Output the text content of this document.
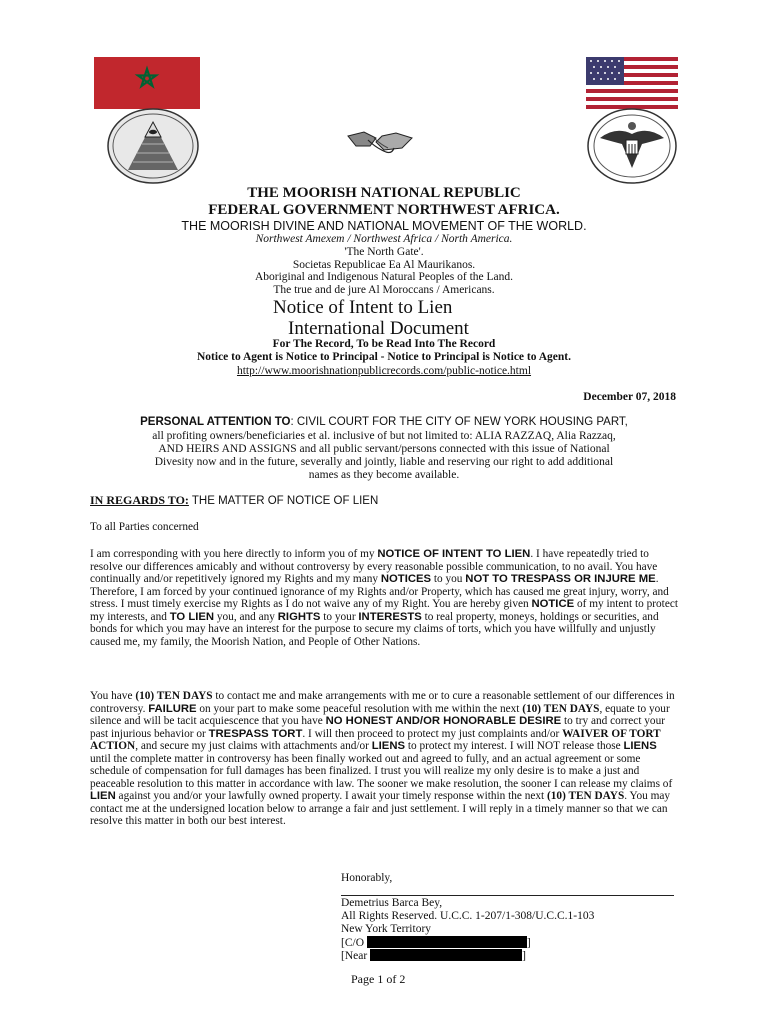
THE MOORISH NATIONAL REPUBLIC
FEDERAL GOVERNMENT NORTHWEST AFRICA.
THE MOORISH DIVINE AND NATIONAL MOVEMENT OF THE WORLD.
Northwest Amexem / Northwest Africa / North America.
'The North Gate'.
Societas Republicae Ea Al Maurikanos.
Aboriginal and Indigenous Natural Peoples of the Land.
The true and de jure Al Moroccans / Americans.
Notice of Intent to Lien
International Document
For The Record, To be Read Into The Record
Notice to Agent is Notice to Principal - Notice to Principal is Notice to Agent.
http://www.moorishnationpublicrecords.com/public-notice.html
December 07, 2018
PERSONAL ATTENTION TO: CIVIL COURT FOR THE CITY OF NEW YORK HOUSING PART,
all profiting owners/beneficiaries et al. inclusive of but not limited to: ALIA RAZZAQ, Alia Razzaq,
AND HEIRS AND ASSIGNS and all public servant/persons connected with this issue of National
Divesity now and in the future, severally and jointly, liable and reserving our right to add additional
names as they become available.
IN REGARDS TO: THE MATTER OF NOTICE OF LIEN
To all Parties concerned
I am corresponding with you here directly to inform you of my NOTICE OF INTENT TO LIEN. I have repeatedly tried to resolve our differences amicably and without controversy by every reasonable possible communication, to no avail. You have continually and/or repetitively ignored my Rights and my many NOTICES to you NOT TO TRESPASS OR INJURE ME. Therefore, I am forced by your continued ignorance of my Rights and/or Property, which has caused me great injury, worry, and stress. I must timely exercise my Rights as I do not waive any of my Right. You are hereby given NOTICE of my intent to protect my interests, and TO LIEN you, and any RIGHTS to your INTERESTS to real property, moneys, holdings or securities, and bonds for which you may have an interest for the purpose to secure my claims of torts, which you have willfully and unjustly caused me, my family, the Moorish Nation, and People of Other Nations.
You have (10) TEN DAYS to contact me and make arrangements with me or to cure a reasonable settlement of our differences in controversy. FAILURE on your part to make some peaceful resolution with me within the next (10) TEN DAYS, equate to your silence and will be tacit acquiescence that you have NO HONEST AND/OR HONORABLE DESIRE to try and correct your past injurious behavior or TRESPASS TORT. I will then proceed to protect my just complaints and/or WAIVER OF TORT ACTION, and secure my just claims with attachments and/or LIENS to protect my interest. I will NOT release those LIENS until the complete matter in controversy has been finally worked out and agreed to fully, and an actual agreement or some schedule of compensation for full damages has been finalized. I trust you will realize my only desire is to make a just and peaceable resolution to this matter in accordance with law. The sooner we make resolution, the sooner I can release my claims of LIEN against you and/or your lawfully owned property. I await your timely response within the next (10) TEN DAYS. You may contact me at the undersigned location below to arrange a fair and just settlement. I will reply in a timely manner so that we can resolve this matter in both our best interest.
Honorably,
Demetrius Barca Bey,
All Rights Reserved. U.C.C. 1-207/1-308/U.C.C.1-103
New York Territory
[C/O	]
[Near	]
Page 1 of 2
